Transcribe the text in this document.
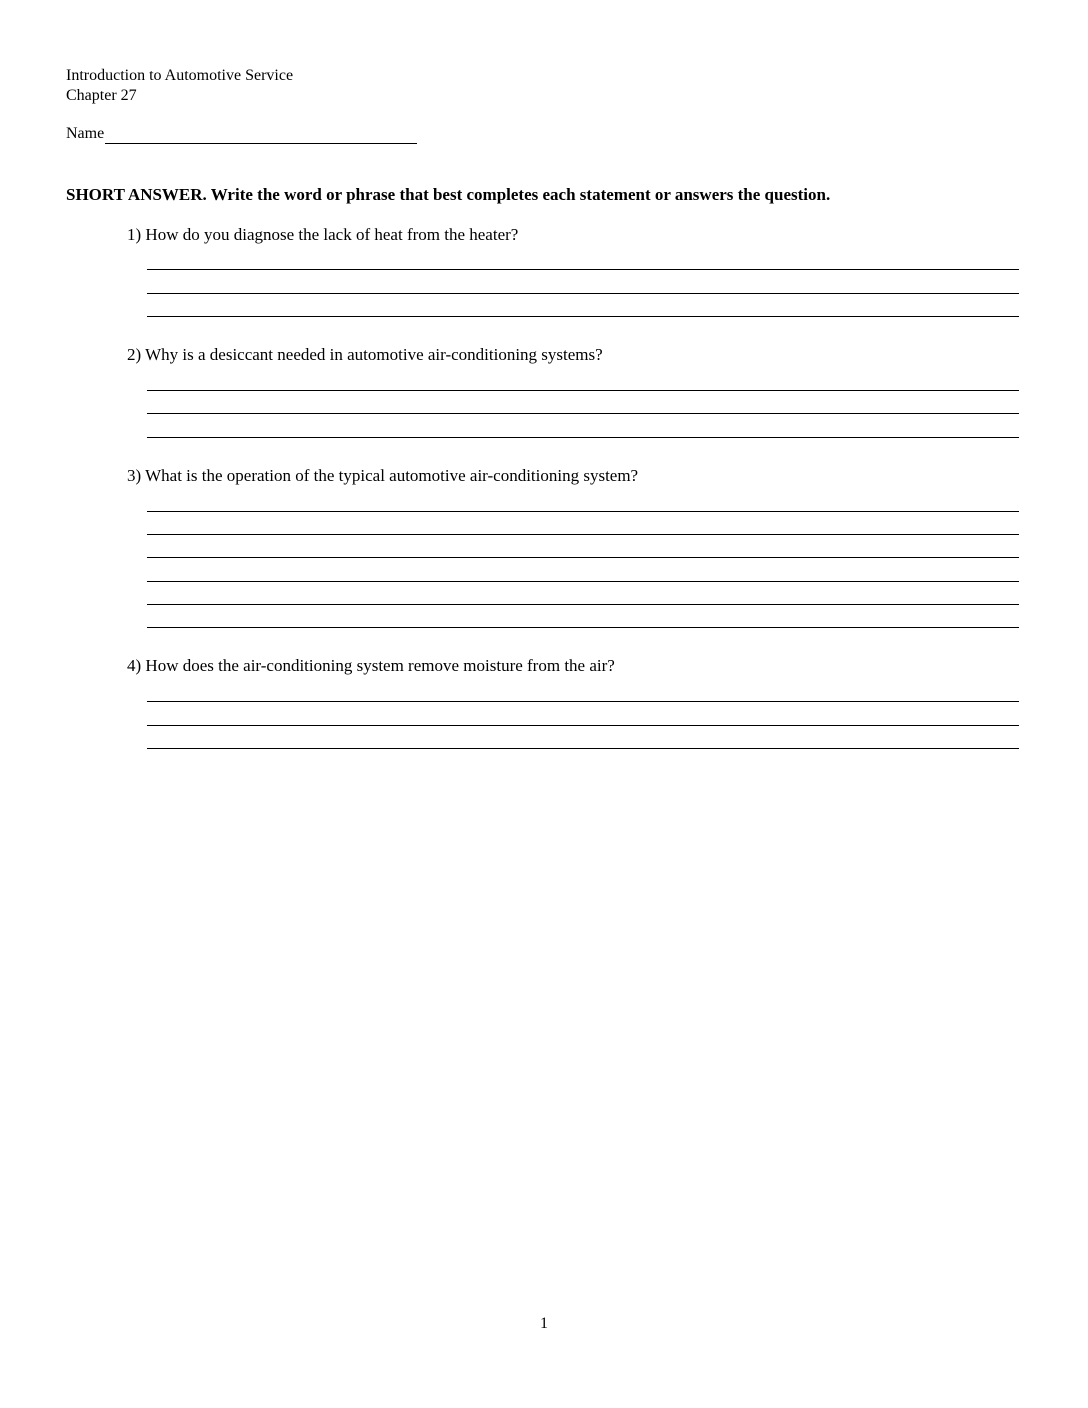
Introduction to Automotive Service
Chapter 27
Name
SHORT ANSWER. Write the word or phrase that best completes each statement or answers the question.
1) How do you diagnose the lack of heat from the heater?
2) Why is a desiccant needed in automotive air-conditioning systems?
3) What is the operation of the typical automotive air-conditioning system?
4) How does the air-conditioning system remove moisture from the air?
1
